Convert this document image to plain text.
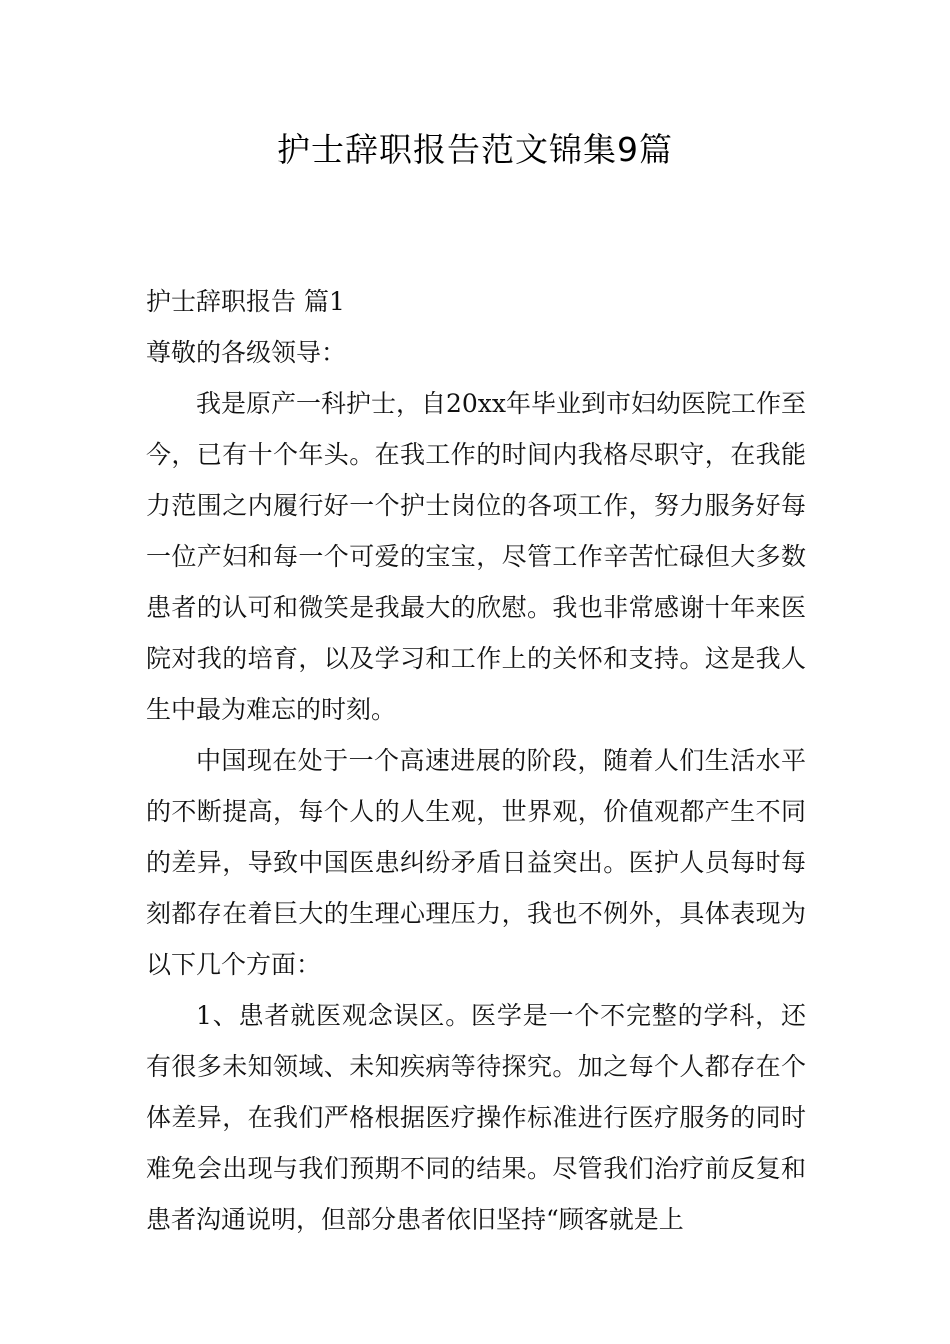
护士辞职报告范文锦集9篇

护士辞职报告 篇1

尊敬的各级领导：

我是原产一科护士，自20xx年毕业到市妇幼医院工作至今，已有十个年头。在我工作的时间内我格尽职守，在我能力范围之内履行好一个护士岗位的各项工作，努力服务好每一位产妇和每一个可爱的宝宝，尽管工作辛苦忙碌但大多数患者的认可和微笑是我最大的欣慰。我也非常感谢十年来医院对我的培育，以及学习和工作上的关怀和支持。这是我人生中最为难忘的时刻。

中国现在处于一个高速进展的阶段，随着人们生活水平的不断提高，每个人的人生观，世界观，价值观都产生不同的差异，导致中国医患纠纷矛盾日益突出。医护人员每时每刻都存在着巨大的生理心理压力，我也不例外，具体表现为以下几个方面：

1、患者就医观念误区。医学是一个不完整的学科，还有很多未知领域、未知疾病等待探究。加之每个人都存在个体差异，在我们严格根据医疗操作标准进行医疗服务的同时难免会出现与我们预期不同的结果。尽管我们治疗前反复和患者沟通说明，但部分患者依旧坚持“顾客就是上
